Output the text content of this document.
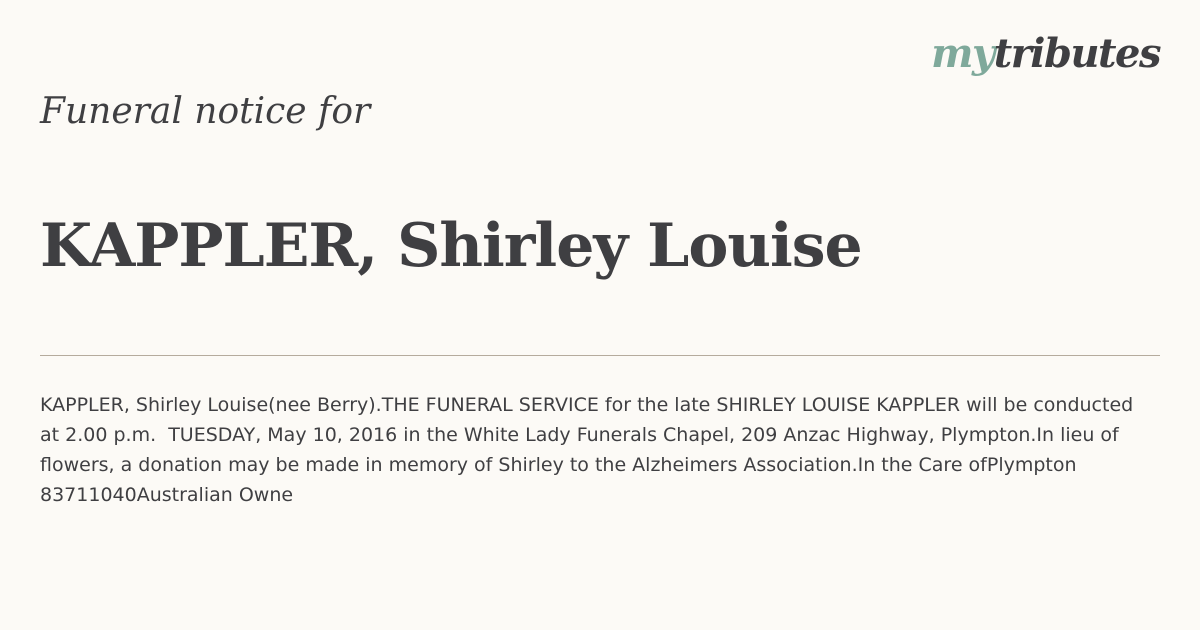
mytributes
Funeral notice for
KAPPLER, Shirley Louise

KAPPLER, Shirley Louise(nee Berry).THE FUNERAL SERVICE for the late SHIRLEY LOUISE KAPPLER will be conducted at 2.00 p.m.  TUESDAY, May 10, 2016 in the White Lady Funerals Chapel, 209 Anzac Highway, Plympton.In lieu of flowers, a donation may be made in memory of Shirley to the Alzheimers Association.In the Care ofPlympton 83711040Australian Owne
